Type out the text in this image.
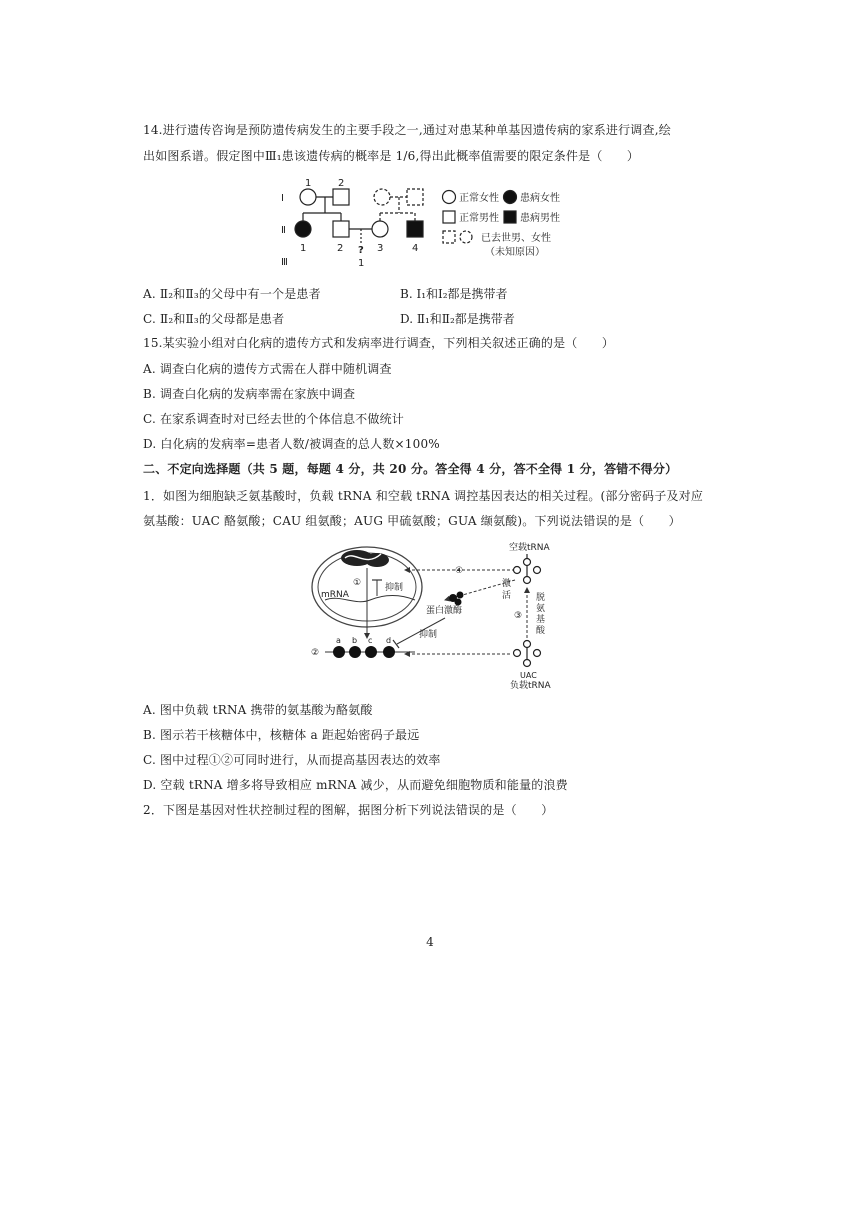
14.进行遗传咨询是预防遗传病发生的主要手段之一,通过对患某种单基因遗传病的家系进行调查,绘
出如图系谱。假定图中Ⅲ₁患该遗传病的概率是 1/6,得出此概率值需要的限定条件是（　　）
Ⅰ
Ⅱ
Ⅲ
1	2
1	2	3	4
?
1
正常女性 患病女性
正常男性 患病男性
已去世男、女性
（未知原因）
A. Ⅱ₂和Ⅱ₃的父母中有一个是患者	B. Ⅰ₁和Ⅰ₂都是携带者
C. Ⅱ₂和Ⅱ₃的父母都是患者	D. Ⅱ₁和Ⅱ₂都是携带者
15.某实验小组对白化病的遗传方式和发病率进行调查，下列相关叙述正确的是（　　）
A. 调查白化病的遗传方式需在人群中随机调查
B. 调查白化病的发病率需在家族中调查
C. 在家系调查时对已经去世的个体信息不做统计
D. 白化病的发病率=患者人数/被调查的总人数×100%
二、不定向选择题（共 5 题，每题 4 分，共 20 分。答全得 4 分，答不全得 1 分，答错不得分）
1．如图为细胞缺乏氨基酸时，负载 tRNA 和空载 tRNA 调控基因表达的相关过程。(部分密码子及对应
氨基酸：UAC 酪氨酸；CAU 组氨酸；AUG 甲硫氨酸；GUA 缬氨酸)。下列说法错误的是（　　）
空载tRNA
负载tRNA
UAC
mRNA
蛋白激酶
抑制
抑制
激
活	脱
氨
基
酸
①
②
③
④
a b c d
A. 图中负载 tRNA 携带的氨基酸为酪氨酸
B. 图示若干核糖体中，核糖体 a 距起始密码子最远
C. 图中过程①②可同时进行，从而提高基因表达的效率
D. 空载 tRNA 增多将导致相应 mRNA 减少，从而避免细胞物质和能量的浪费
2．下图是基因对性状控制过程的图解，据图分析下列说法错误的是（　　）
4
